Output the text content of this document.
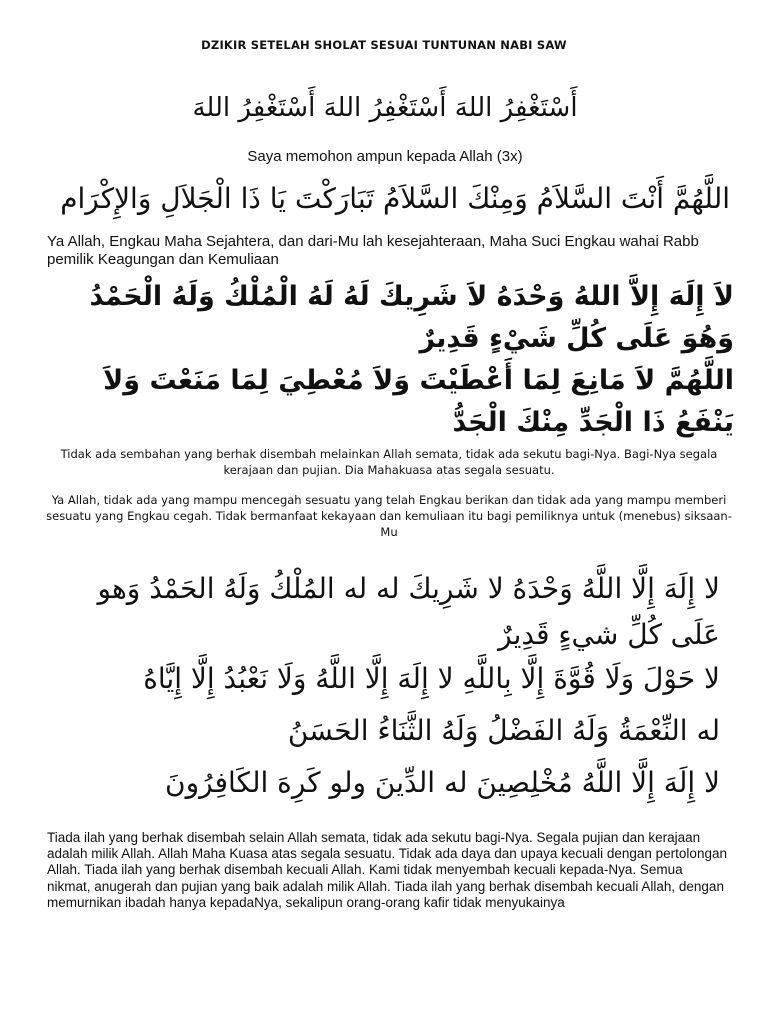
DZIKIR SETELAH SHOLAT SESUAI TUNTUNAN NABI SAW
أَسْتَغْفِرُ اللهَ أَسْتَغْفِرُ اللهَ أَسْتَغْفِرُ اللهَ
Saya memohon ampun kepada Allah (3x)
اللَّهُمَّ أَنْتَ السَّلاَمُ وَمِنْكَ السَّلاَمُ تَبَارَكْتَ يَا ذَا الْجَلاَلِ وَالإِكْرَام
Ya Allah, Engkau Maha Sejahtera, dan dari-Mu lah kesejahteraan, Maha Suci Engkau wahai Rabb pemilik Keagungan dan Kemuliaan
لاَ إِلَهَ إِلاَّ اللهُ وَحْدَهُ لاَ شَرِيكَ لَهُ لَهُ الْمُلْكُ وَلَهُ الْحَمْدُ وَهُوَ عَلَى كُلِّ شَيْءٍ قَدِيرٌ
اللَّهُمَّ لاَ مَانِعَ لِمَا أَعْطَيْتَ وَلاَ مُعْطِيَ لِمَا مَنَعْتَ وَلاَ يَنْفَعُ ذَا الْجَدِّ مِنْكَ الْجَدُّ
Tidak ada sembahan yang berhak disembah melainkan Allah semata, tidak ada sekutu bagi-Nya. Bagi-Nya segala kerajaan dan pujian. Dia Mahakuasa atas segala sesuatu.
Ya Allah, tidak ada yang mampu mencegah sesuatu yang telah Engkau berikan dan tidak ada yang mampu memberi sesuatu yang Engkau cegah. Tidak bermanfaat kekayaan dan kemuliaan itu bagi pemiliknya untuk (menebus) siksaan-Mu
لا إِلَهَ إِلَّا اللَّهُ وَحْدَهُ لا شَرِيكَ له له المُلْكُ وَلَهُ الحَمْدُ وَهو عَلَى كُلِّ شيءٍ قَدِيرٌ
لا حَوْلَ وَلَا قُوَّةَ إِلَّا بِاللَّهِ لا إِلَهَ إِلَّا اللَّهُ وَلَا نَعْبُدُ إِلَّا إِيَّاهُ
له النِّعْمَةُ وَلَهُ الفَضْلُ وَلَهُ الثَّنَاءُ الحَسَنُ
لا إِلَهَ إِلَّا اللَّهُ مُخْلِصِينَ له الدِّينَ ولو كَرِهَ الكَافِرُونَ
Tiada ilah yang berhak disembah selain Allah semata, tidak ada sekutu bagi-Nya. Segala pujian dan kerajaan adalah milik Allah. Allah Maha Kuasa atas segala sesuatu. Tidak ada daya dan upaya kecuali dengan pertolongan Allah. Tiada ilah yang berhak disembah kecuali Allah. Kami tidak menyembah kecuali kepada-Nya. Semua nikmat, anugerah dan pujian yang baik adalah milik Allah. Tiada ilah yang berhak disembah kecuali Allah, dengan memurnikan ibadah hanya kepadaNya, sekalipun orang-orang kafir tidak menyukainya
